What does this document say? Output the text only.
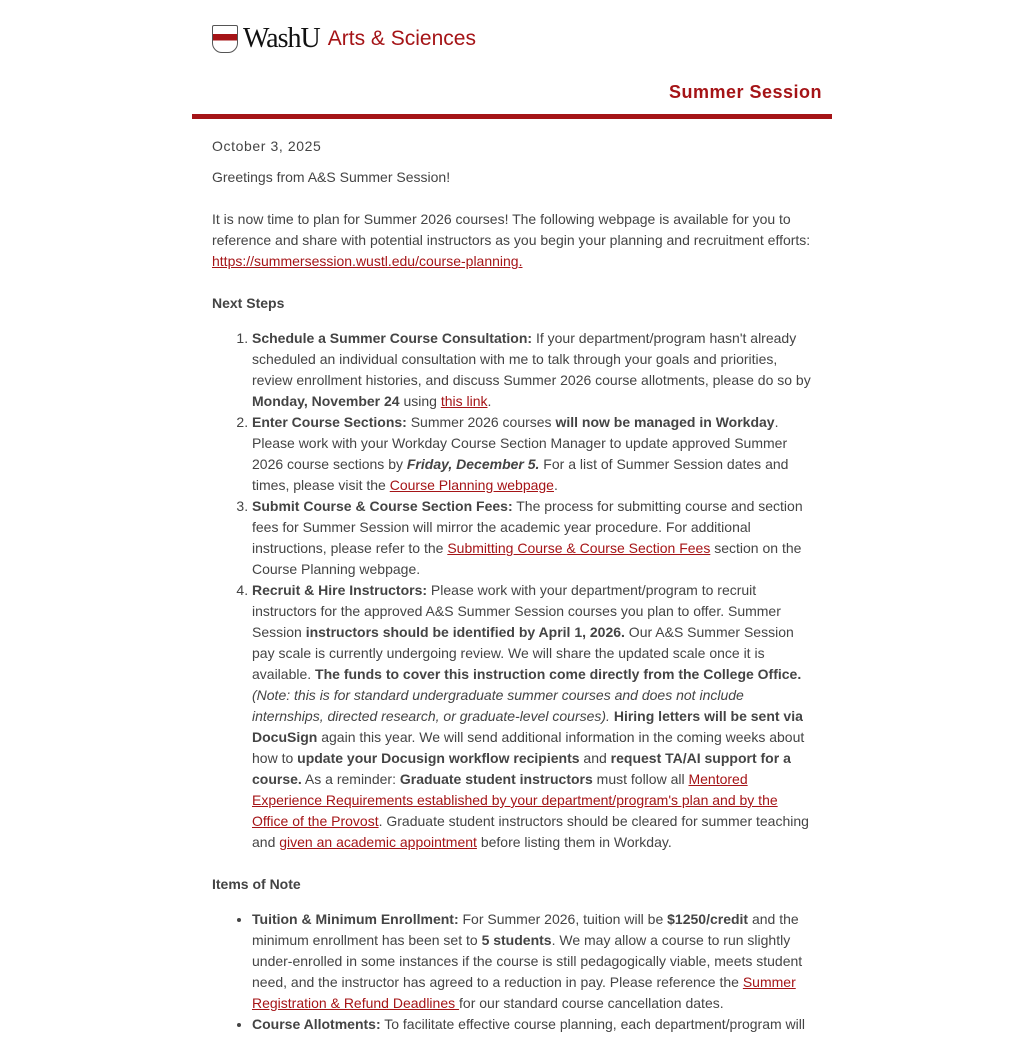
WashU Arts & Sciences
Summer Session

October 3, 2025

Greetings from A&S Summer Session!

It is now time to plan for Summer 2026 courses! The following webpage is available for you to reference and share with potential instructors as you begin your planning and recruitment efforts: https://summersession.wustl.edu/course-planning.

Next Steps
1. Schedule a Summer Course Consultation: If your department/program hasn't already scheduled an individual consultation with me to talk through your goals and priorities, review enrollment histories, and discuss Summer 2026 course allotments, please do so by Monday, November 24 using this link.
2. Enter Course Sections: Summer 2026 courses will now be managed in Workday. Please work with your Workday Course Section Manager to update approved Summer 2026 course sections by Friday, December 5. For a list of Summer Session dates and times, please visit the Course Planning webpage.
3. Submit Course & Course Section Fees: The process for submitting course and section fees for Summer Session will mirror the academic year procedure. For additional instructions, please refer to the Submitting Course & Course Section Fees section on the Course Planning webpage.
4. Recruit & Hire Instructors: Please work with your department/program to recruit instructors for the approved A&S Summer Session courses you plan to offer. Summer Session instructors should be identified by April 1, 2026. Our A&S Summer Session pay scale is currently undergoing review. We will share the updated scale once it is available. The funds to cover this instruction come directly from the College Office. (Note: this is for standard undergraduate summer courses and does not include internships, directed research, or graduate-level courses). Hiring letters will be sent via DocuSign again this year. We will send additional information in the coming weeks about how to update your Docusign workflow recipients and request TA/AI support for a course. As a reminder: Graduate student instructors must follow all Mentored Experience Requirements established by your department/program's plan and by the Office of the Provost. Graduate student instructors should be cleared for summer teaching and given an academic appointment before listing them in Workday.
Items of Note
• Tuition & Minimum Enrollment: For Summer 2026, tuition will be $1250/credit and the minimum enrollment has been set to 5 students. We may allow a course to run slightly under-enrolled in some instances if the course is still pedagogically viable, meets student need, and the instructor has agreed to a reduction in pay. Please reference the Summer Registration & Refund Deadlines for our standard course cancellation dates.
• Course Allotments: To facilitate effective course planning, each department/program will
